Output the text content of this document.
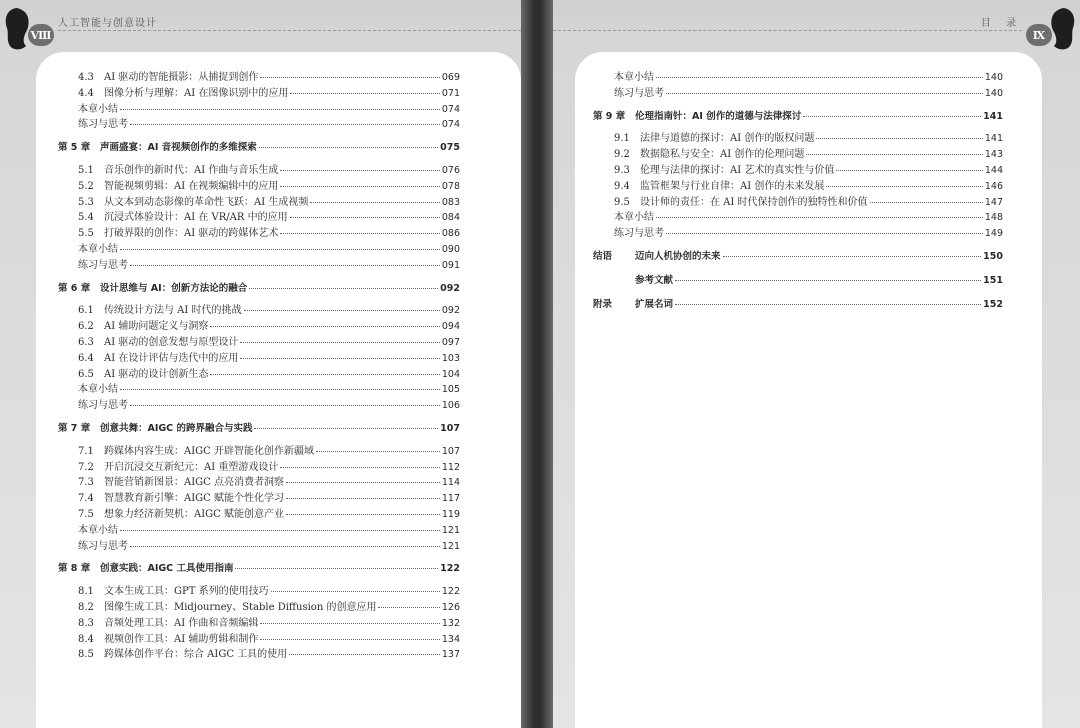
Ⅷ
人工智能与创意设计
4.3 AI 驱动的智能摄影：从捕捉到创作	069
4.4 图像分析与理解：AI 在图像识别中的应用	071
本章小结	074
练习与思考	074
第 5 章 声画盛宴：AI 音视频创作的多维探索	075
5.1 音乐创作的新时代：AI 作曲与音乐生成	076
5.2 智能视频剪辑：AI 在视频编辑中的应用	078
5.3 从文本到动态影像的革命性飞跃：AI 生成视频	083
5.4 沉浸式体验设计：AI 在 VR/AR 中的应用	084
5.5 打破界限的创作：AI 驱动的跨媒体艺术	086
本章小结	090
练习与思考	091
第 6 章 设计思维与 AI：创新方法论的融合	092
6.1 传统设计方法与 AI 时代的挑战	092
6.2 AI 辅助问题定义与洞察	094
6.3 AI 驱动的创意发想与原型设计	097
6.4 AI 在设计评估与迭代中的应用	103
6.5 AI 驱动的设计创新生态	104
本章小结	105
练习与思考	106
第 7 章 创意共舞：AIGC 的跨界融合与实践	107
7.1 跨媒体内容生成：AIGC 开辟智能化创作新疆域	107
7.2 开启沉浸交互新纪元：AI 重塑游戏设计	112
7.3 智能营销新图景：AIGC 点亮消费者洞察	114
7.4 智慧教育新引擎：AIGC 赋能个性化学习	117
7.5 想象力经济新契机：AIGC 赋能创意产业	119
本章小结	121
练习与思考	121
第 8 章 创意实践：AIGC 工具使用指南	122
8.1 文本生成工具：GPT 系列的使用技巧	122
8.2 图像生成工具：Midjourney、Stable Diffusion 的创意应用	126
8.3 音频处理工具：AI 作曲和音频编辑	132
8.4 视频创作工具：AI 辅助剪辑和制作	134
8.5 跨媒体创作平台：综合 AIGC 工具的使用	137
Ⅸ
目 录
本章小结	140
练习与思考	140
第 9 章 伦理指南针：AI 创作的道德与法律探讨	141
9.1 法律与道德的探讨：AI 创作的版权问题	141
9.2 数据隐私与安全：AI 创作的伦理问题	143
9.3 伦理与法律的探讨：AI 艺术的真实性与价值	144
9.4 监管框架与行业自律：AI 创作的未来发展	146
9.5 设计师的责任：在 AI 时代保持创作的独特性和价值	147
本章小结	148
练习与思考	149
结语 迈向人机协创的未来	150
参考文献	151
附录 扩展名词	152
